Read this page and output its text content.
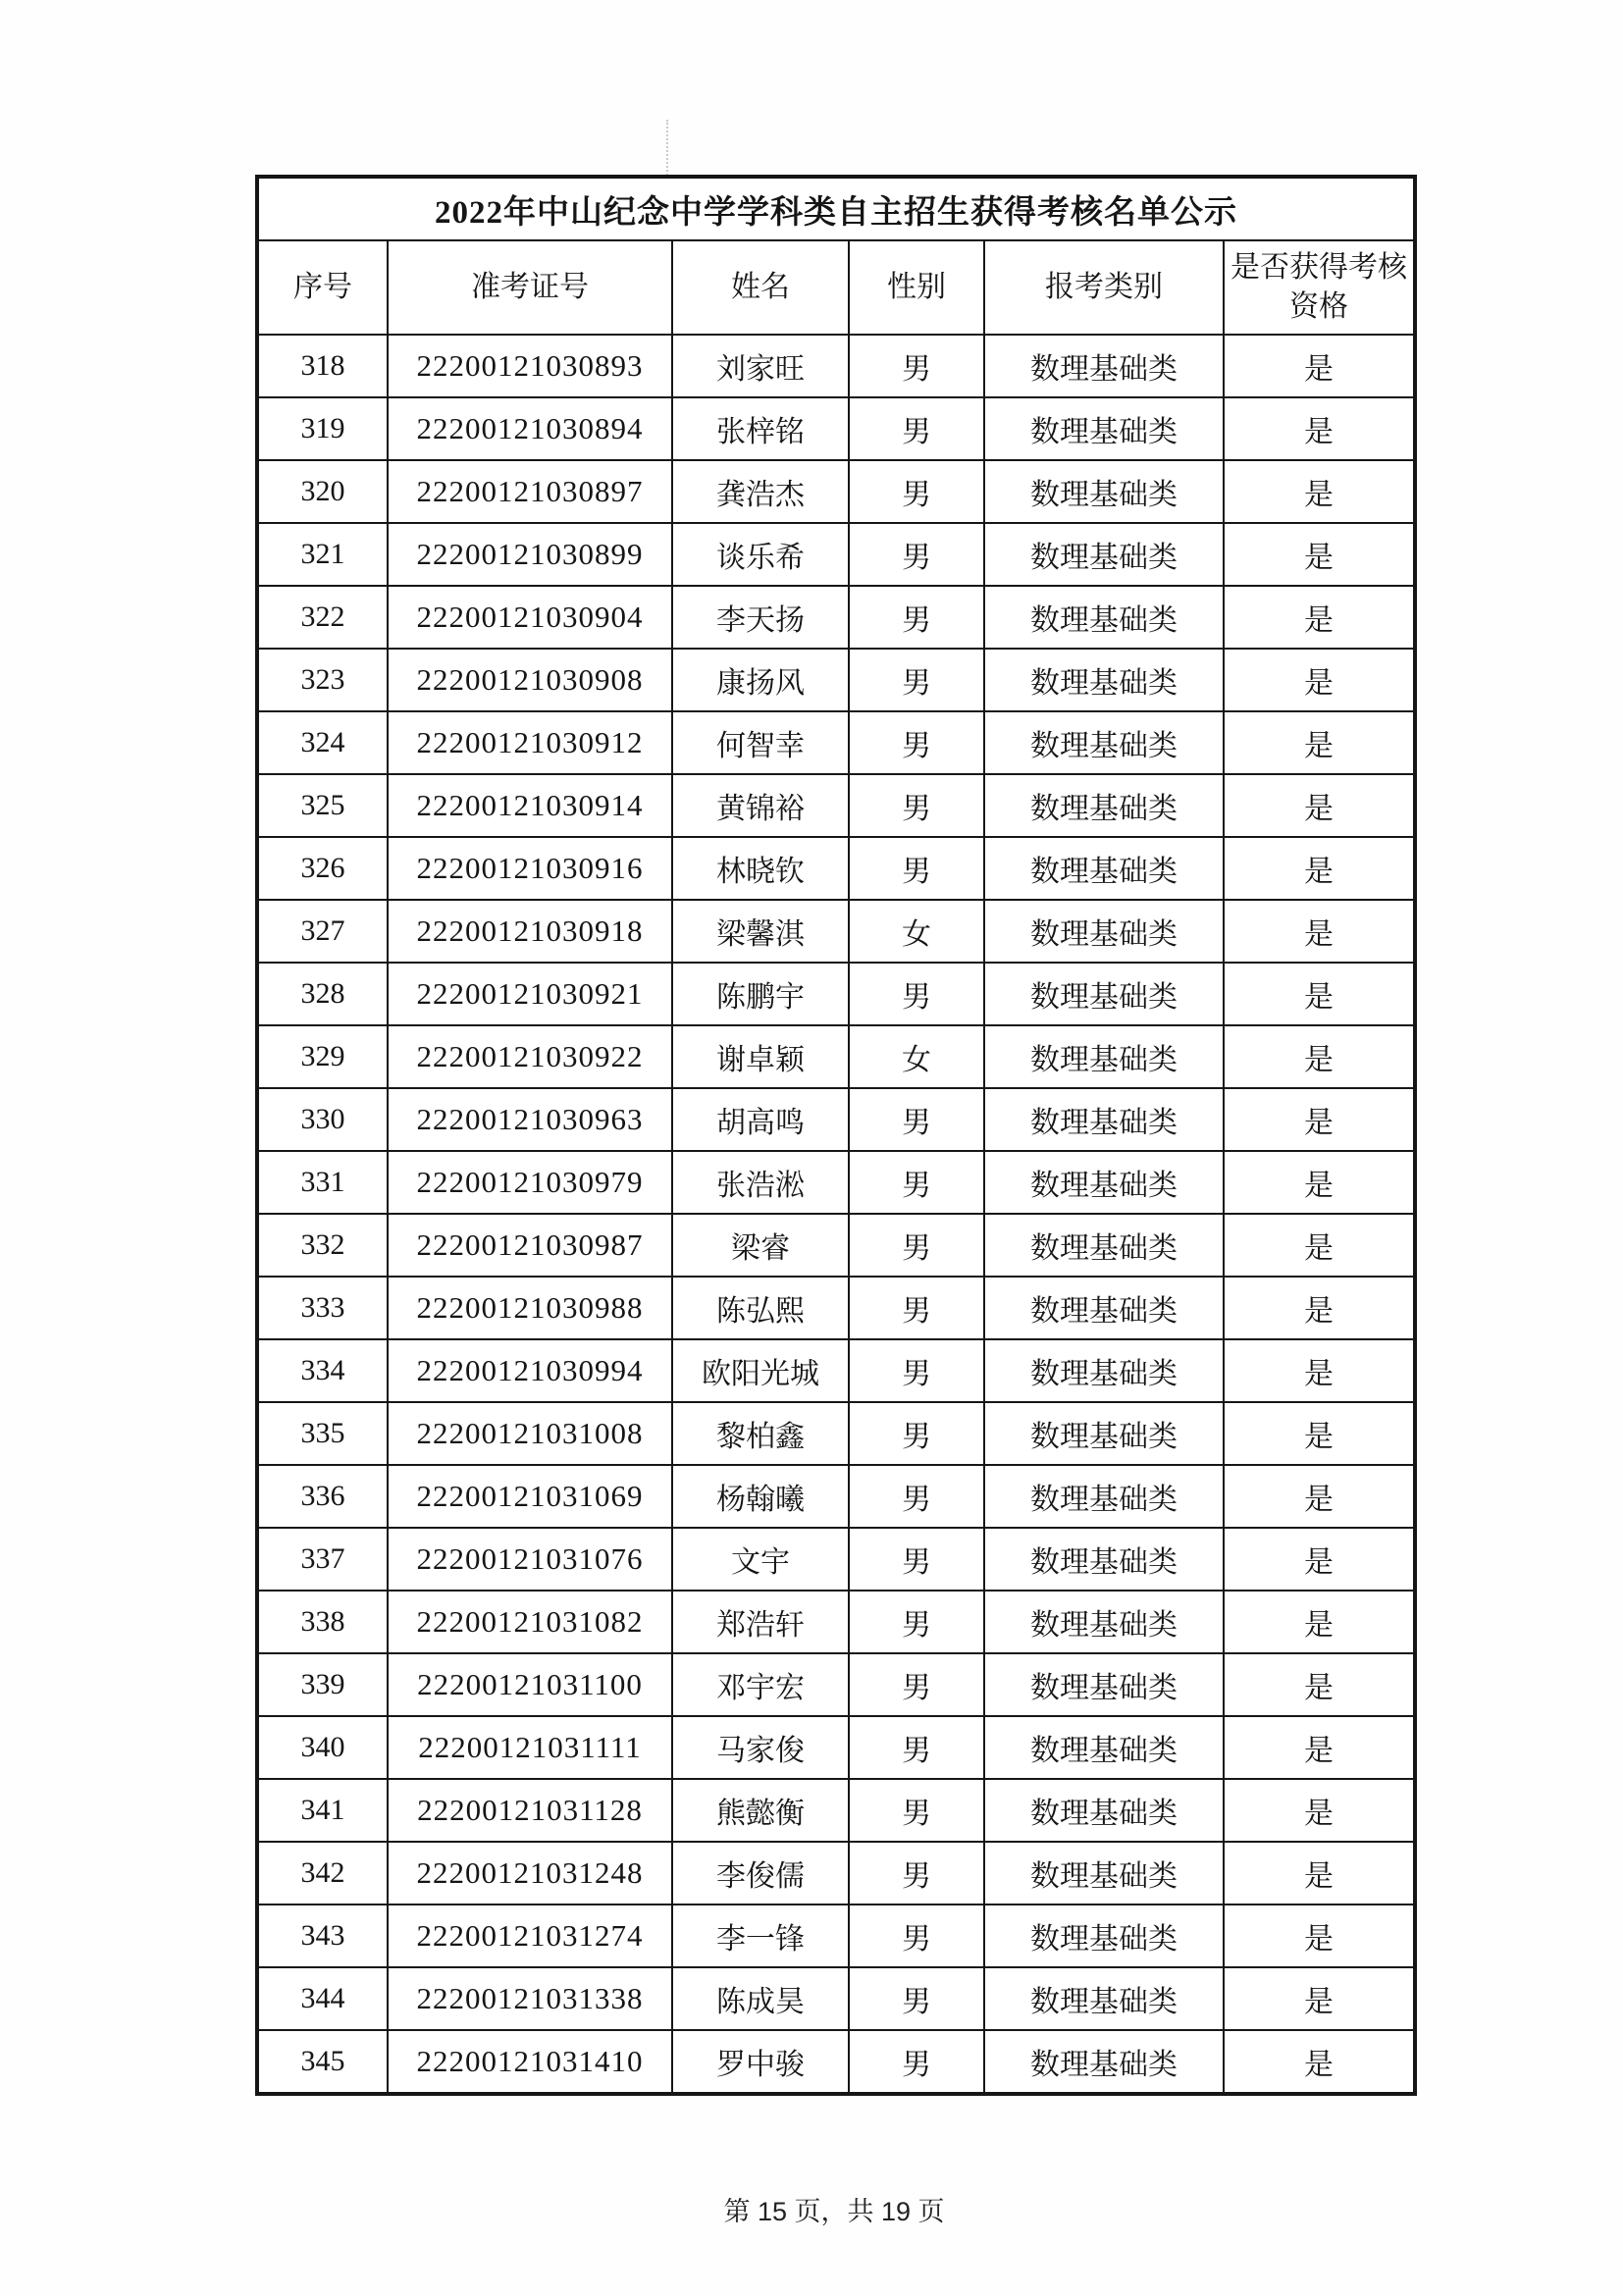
2022年中山纪念中学学科类自主招生获得考核名单公示					
序号	准考证号	姓名	性别	报考类别	是否获得考核资格
318	22200121030893	刘家旺	男	数理基础类	是
319	22200121030894	张梓铭	男	数理基础类	是
320	22200121030897	龚浩杰	男	数理基础类	是
321	22200121030899	谈乐希	男	数理基础类	是
322	22200121030904	李天扬	男	数理基础类	是
323	22200121030908	康扬风	男	数理基础类	是
324	22200121030912	何智幸	男	数理基础类	是
325	22200121030914	黄锦裕	男	数理基础类	是
326	22200121030916	林晓钦	男	数理基础类	是
327	22200121030918	梁馨淇	女	数理基础类	是
328	22200121030921	陈鹏宇	男	数理基础类	是
329	22200121030922	谢卓颖	女	数理基础类	是
330	22200121030963	胡高鸣	男	数理基础类	是
331	22200121030979	张浩淞	男	数理基础类	是
332	22200121030987	梁睿	男	数理基础类	是
333	22200121030988	陈弘熙	男	数理基础类	是
334	22200121030994	欧阳光城	男	数理基础类	是
335	22200121031008	黎柏鑫	男	数理基础类	是
336	22200121031069	杨翰曦	男	数理基础类	是
337	22200121031076	文宇	男	数理基础类	是
338	22200121031082	郑浩轩	男	数理基础类	是
339	22200121031100	邓宇宏	男	数理基础类	是
340	22200121031111	马家俊	男	数理基础类	是
341	22200121031128	熊懿衡	男	数理基础类	是
342	22200121031248	李俊儒	男	数理基础类	是
343	22200121031274	李一锋	男	数理基础类	是
344	22200121031338	陈成昊	男	数理基础类	是
345	22200121031410	罗中骏	男	数理基础类	是
第 15 页，共 19 页
